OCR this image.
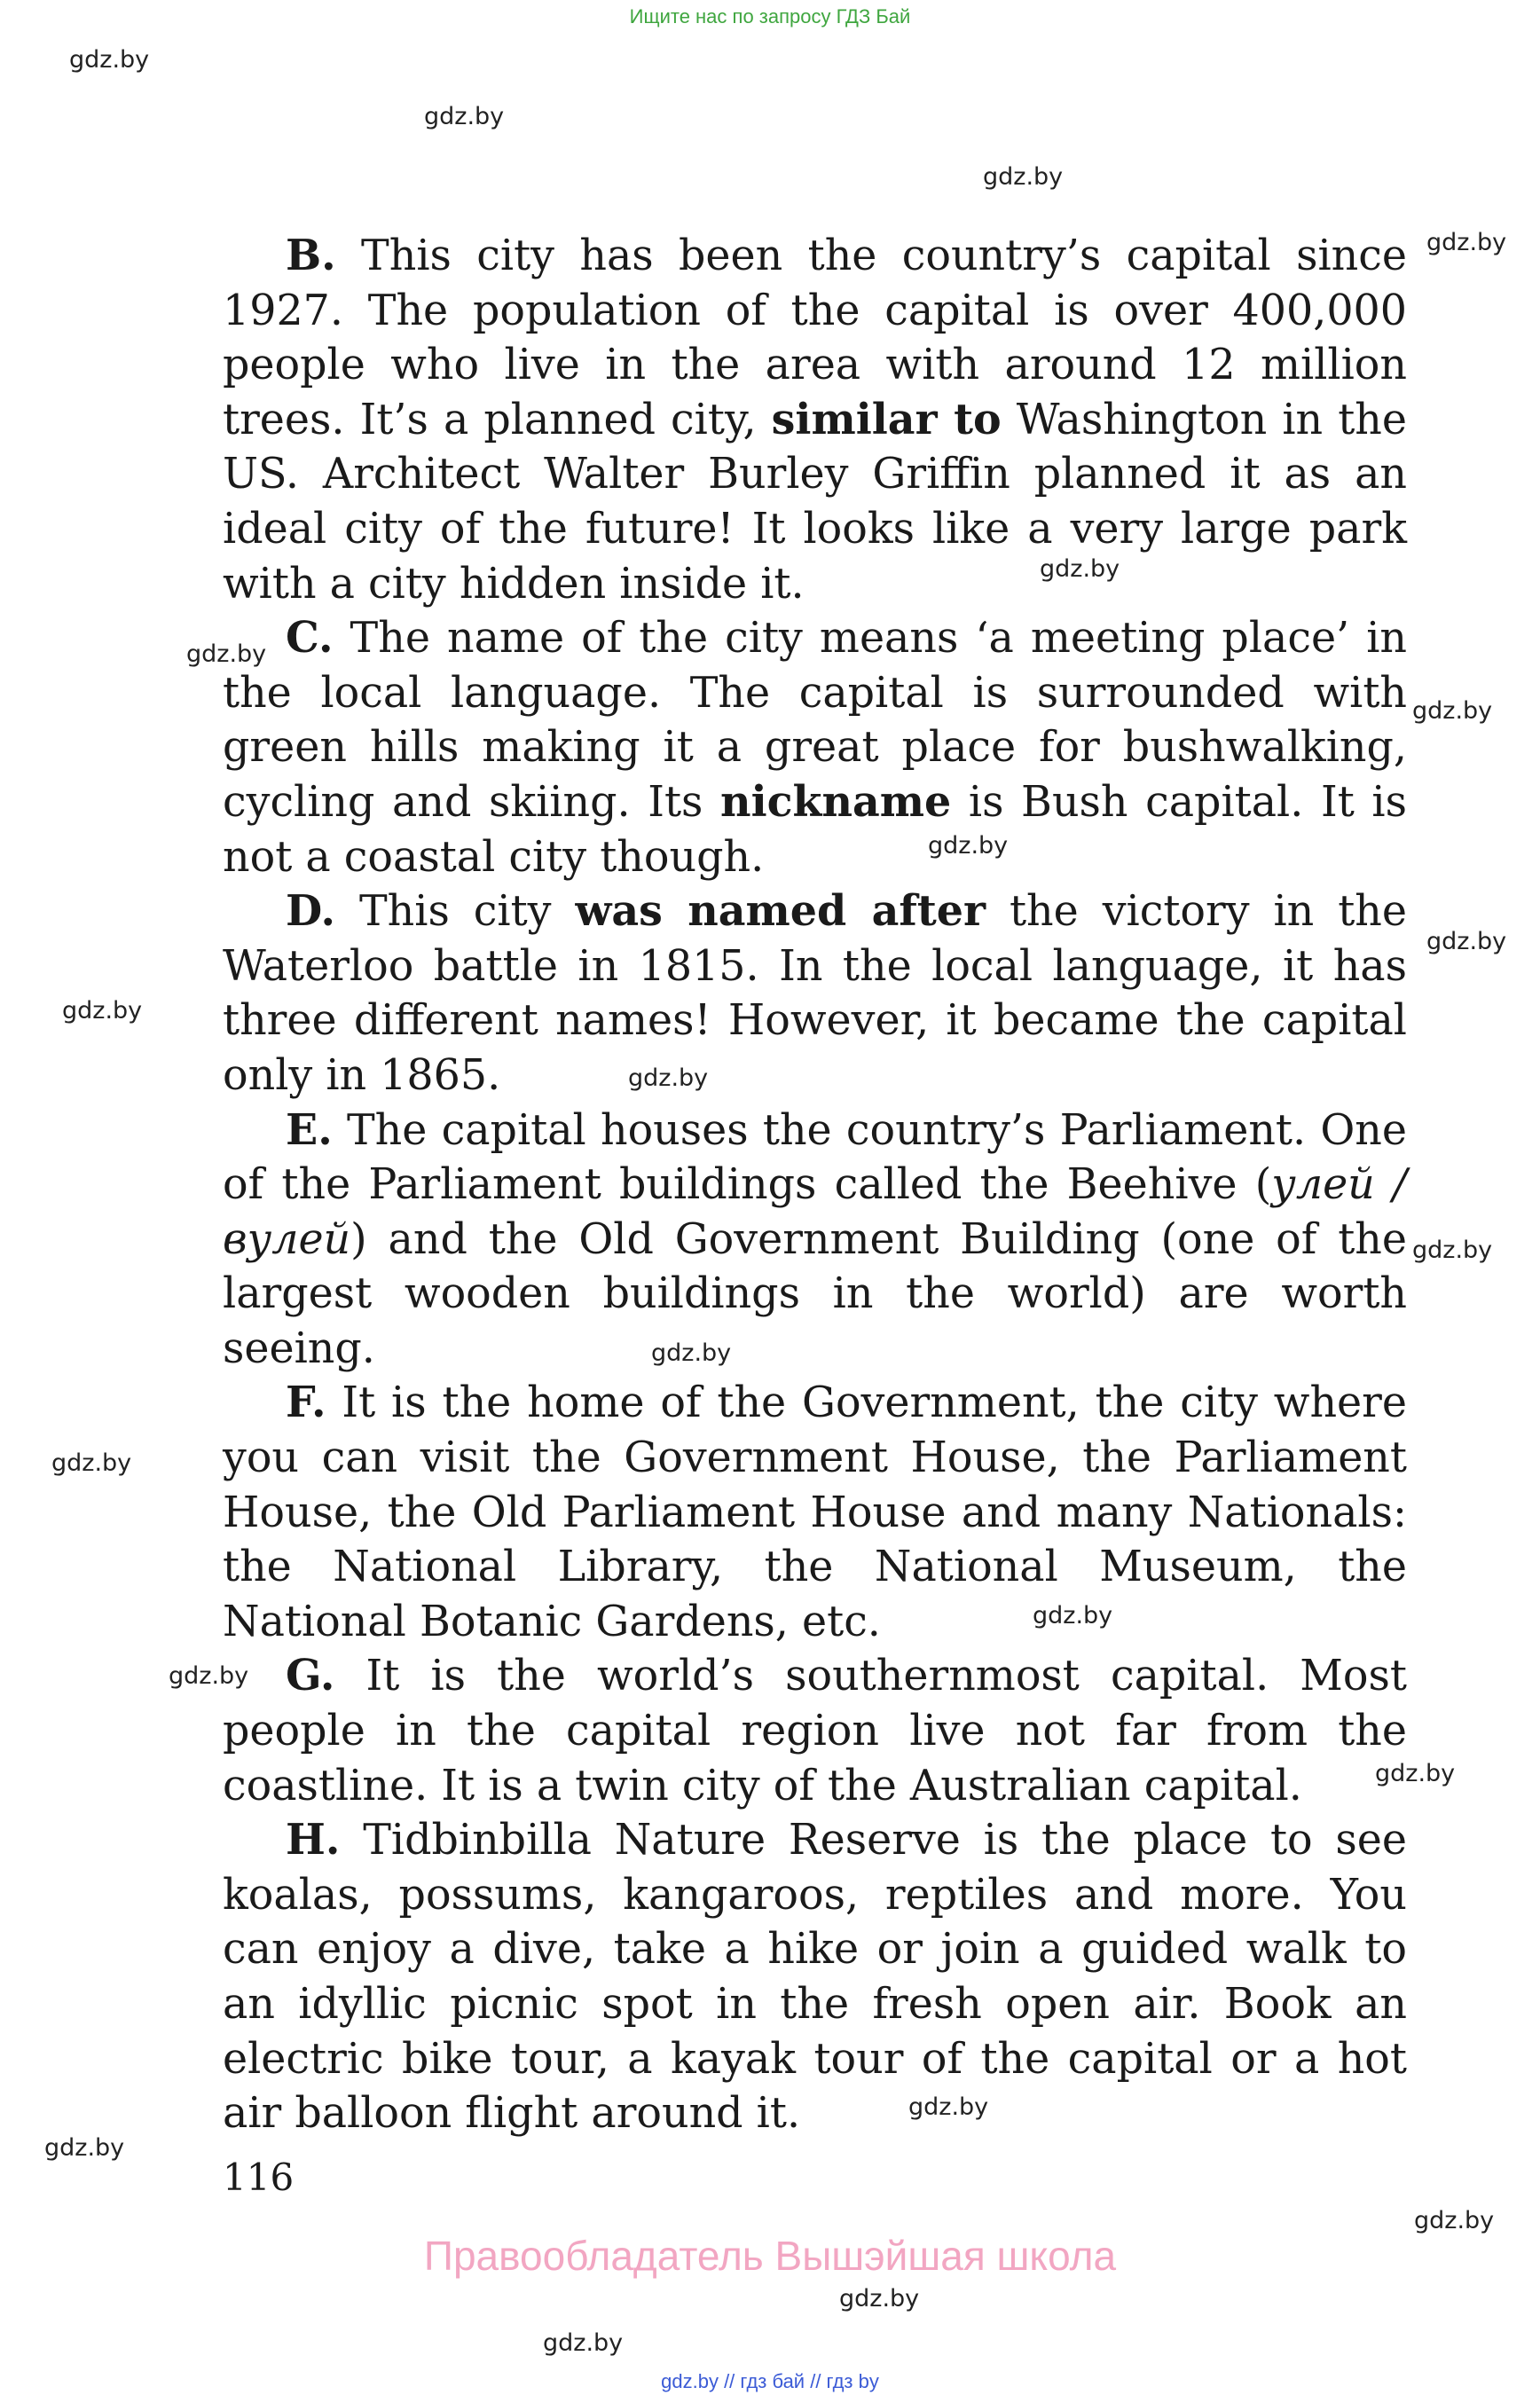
Ищите нас по запросу ГДЗ Бай
gdz.by
gdz.by
gdz.by
gdz.by
gdz.by
gdz.by
gdz.by
gdz.by
gdz.by
gdz.by
gdz.by
gdz.by
gdz.by
gdz.by
gdz.by
gdz.by
gdz.by
gdz.by
gdz.by
gdz.by
gdz.by
gdz.by

B. This city has been the country’s capital since 1927. The population of the capital is over 400,000 people who live in the area with around 12 million trees. It’s a planned city, similar to Washington in the US. Architect Walter Burley Griffin planned it as an ideal city of the future! It looks like a very large park with a city hidden inside it.

C. The name of the city means ‘a meeting place’ in the local language. The capital is surrounded with green hills making it a great place for bushwalking, cycling and skiing. Its nickname is Bush capital. It is not a coastal city though.

D. This city was named after the victory in the Waterloo battle in 1815. In the local language, it has three different names! However, it became the capital only in 1865.

E. The capital houses the country’s Parliament. One of the Parliament buildings called the Beehive (улей / вулей) and the Old Government Building (one of the largest wooden buildings in the world) are worth seeing.

F. It is the home of the Government, the city where you can visit the Government House, the Parliament House, the Old Parliament House and many Nationals: the National Library, the National Museum, the National Botanic Gardens, etc.

G. It is the world’s southernmost capital. Most people in the capital region live not far from the coastline. It is a twin city of the Australian capital.

H. Tidbinbilla Nature Reserve is the place to see koalas, possums, kangaroos, reptiles and more. You can enjoy a dive, take a hike or join a guided walk to an idyllic picnic spot in the fresh open air. Book an electric bike tour, a kayak tour of the capital or a hot air balloon flight around it.

116
Правообладатель Вышэйшая школа
gdz.by // гдз бай // гдз by
